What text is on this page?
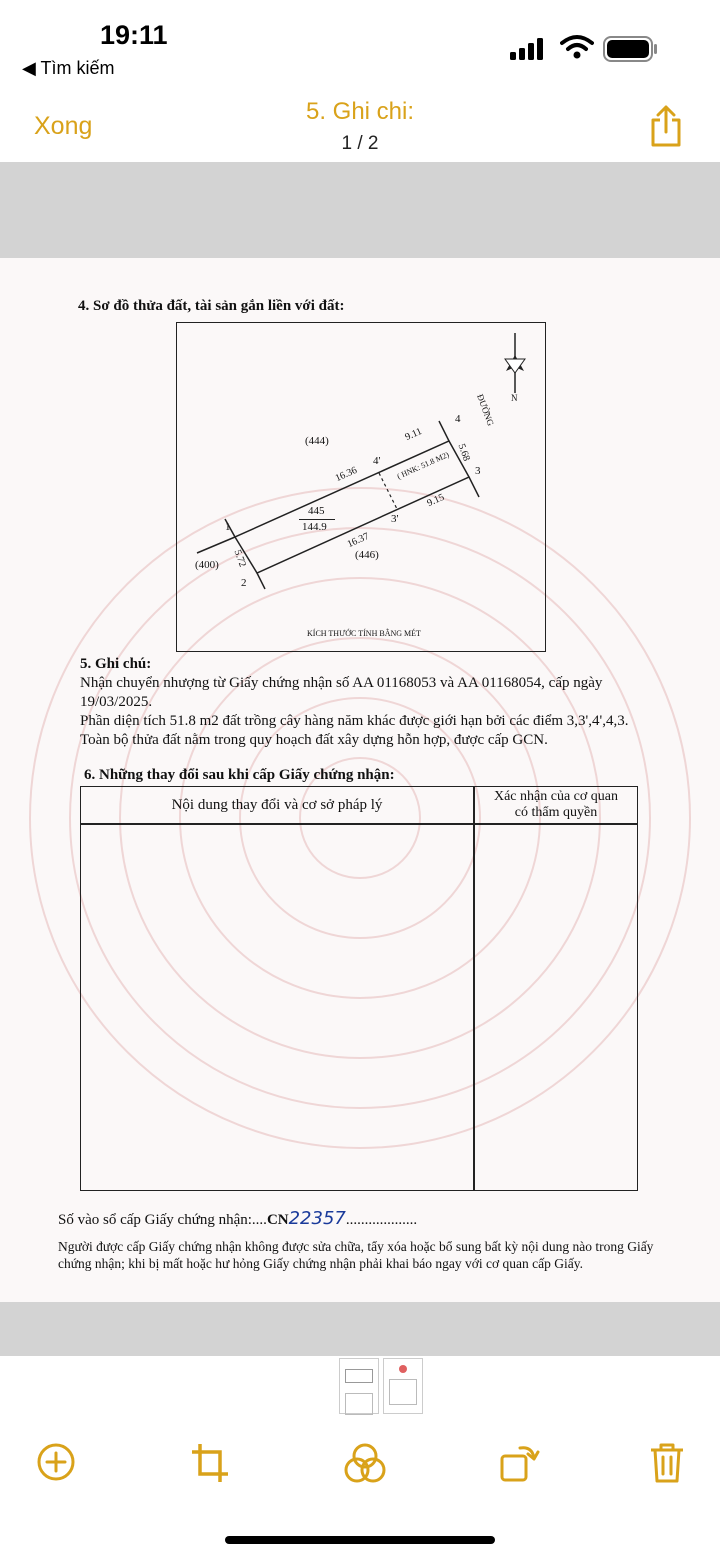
19:11
◀ Tìm kiếm
Xong
5. Ghi chi:
1 / 2
4. Sơ đồ thửa đất, tài sản gắn liền với đất:
(444)
(400)
(446)
445
144.9
16.36
9.11
16.37
9.15
5.72
5.68
1
2
3
4
3'
4' ( HNK: 51.8 M2)
ĐƯỜNG N
KÍCH THƯỚC TÍNH BẰNG MÉT
5. Ghi chú:
Nhận chuyển nhượng từ Giấy chứng nhận số AA 01168053 và AA 01168054, cấp ngày
19/03/2025.
Phần diện tích 51.8 m2 đất trồng cây hàng năm khác được giới hạn bởi các điểm 3,3',4',4,3.
Toàn bộ thửa đất nằm trong quy hoạch đất xây dựng hỗn hợp, được cấp GCN.
6. Những thay đổi sau khi cấp Giấy chứng nhận:
Nội dung thay đổi và cơ sở pháp lý
Xác nhận của cơ quan
có thẩm quyền
Số vào sổ cấp Giấy chứng nhận:....CN22357...................
Người được cấp Giấy chứng nhận không được sửa chữa, tẩy xóa hoặc bổ sung bất kỳ nội dung nào trong Giấy chứng nhận; khi bị mất hoặc hư hỏng Giấy chứng nhận phải khai báo ngay với cơ quan cấp Giấy.
